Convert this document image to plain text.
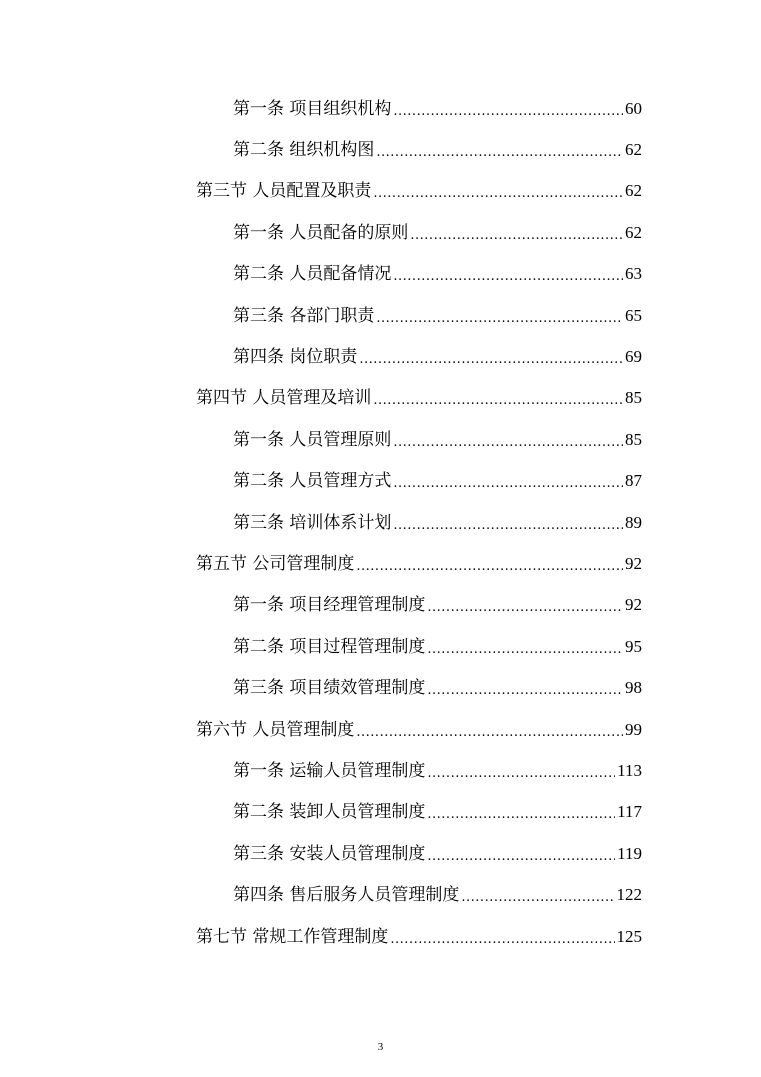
第一条 项目组织机构 .....	60
第二条 组织机构图 .....	62
第三节 人员配置及职责 .....	62
第一条 人员配备的原则 .....	62
第二条 人员配备情况 .....	63
第三条 各部门职责 .....	65
第四条 岗位职责 .....	69
第四节 人员管理及培训 .....	85
第一条 人员管理原则 .....	85
第二条 人员管理方式 .....	87
第三条 培训体系计划 .....	89
第五节 公司管理制度 .....	92
第一条 项目经理管理制度 .....	92
第二条 项目过程管理制度 .....	95
第三条 项目绩效管理制度 .....	98
第六节 人员管理制度 .....	99
第一条 运输人员管理制度 .....	113
第二条 装卸人员管理制度 .....	117
第三条 安装人员管理制度 .....	119
第四条 售后服务人员管理制度 .....	122
第七节 常规工作管理制度 .....	125
3
